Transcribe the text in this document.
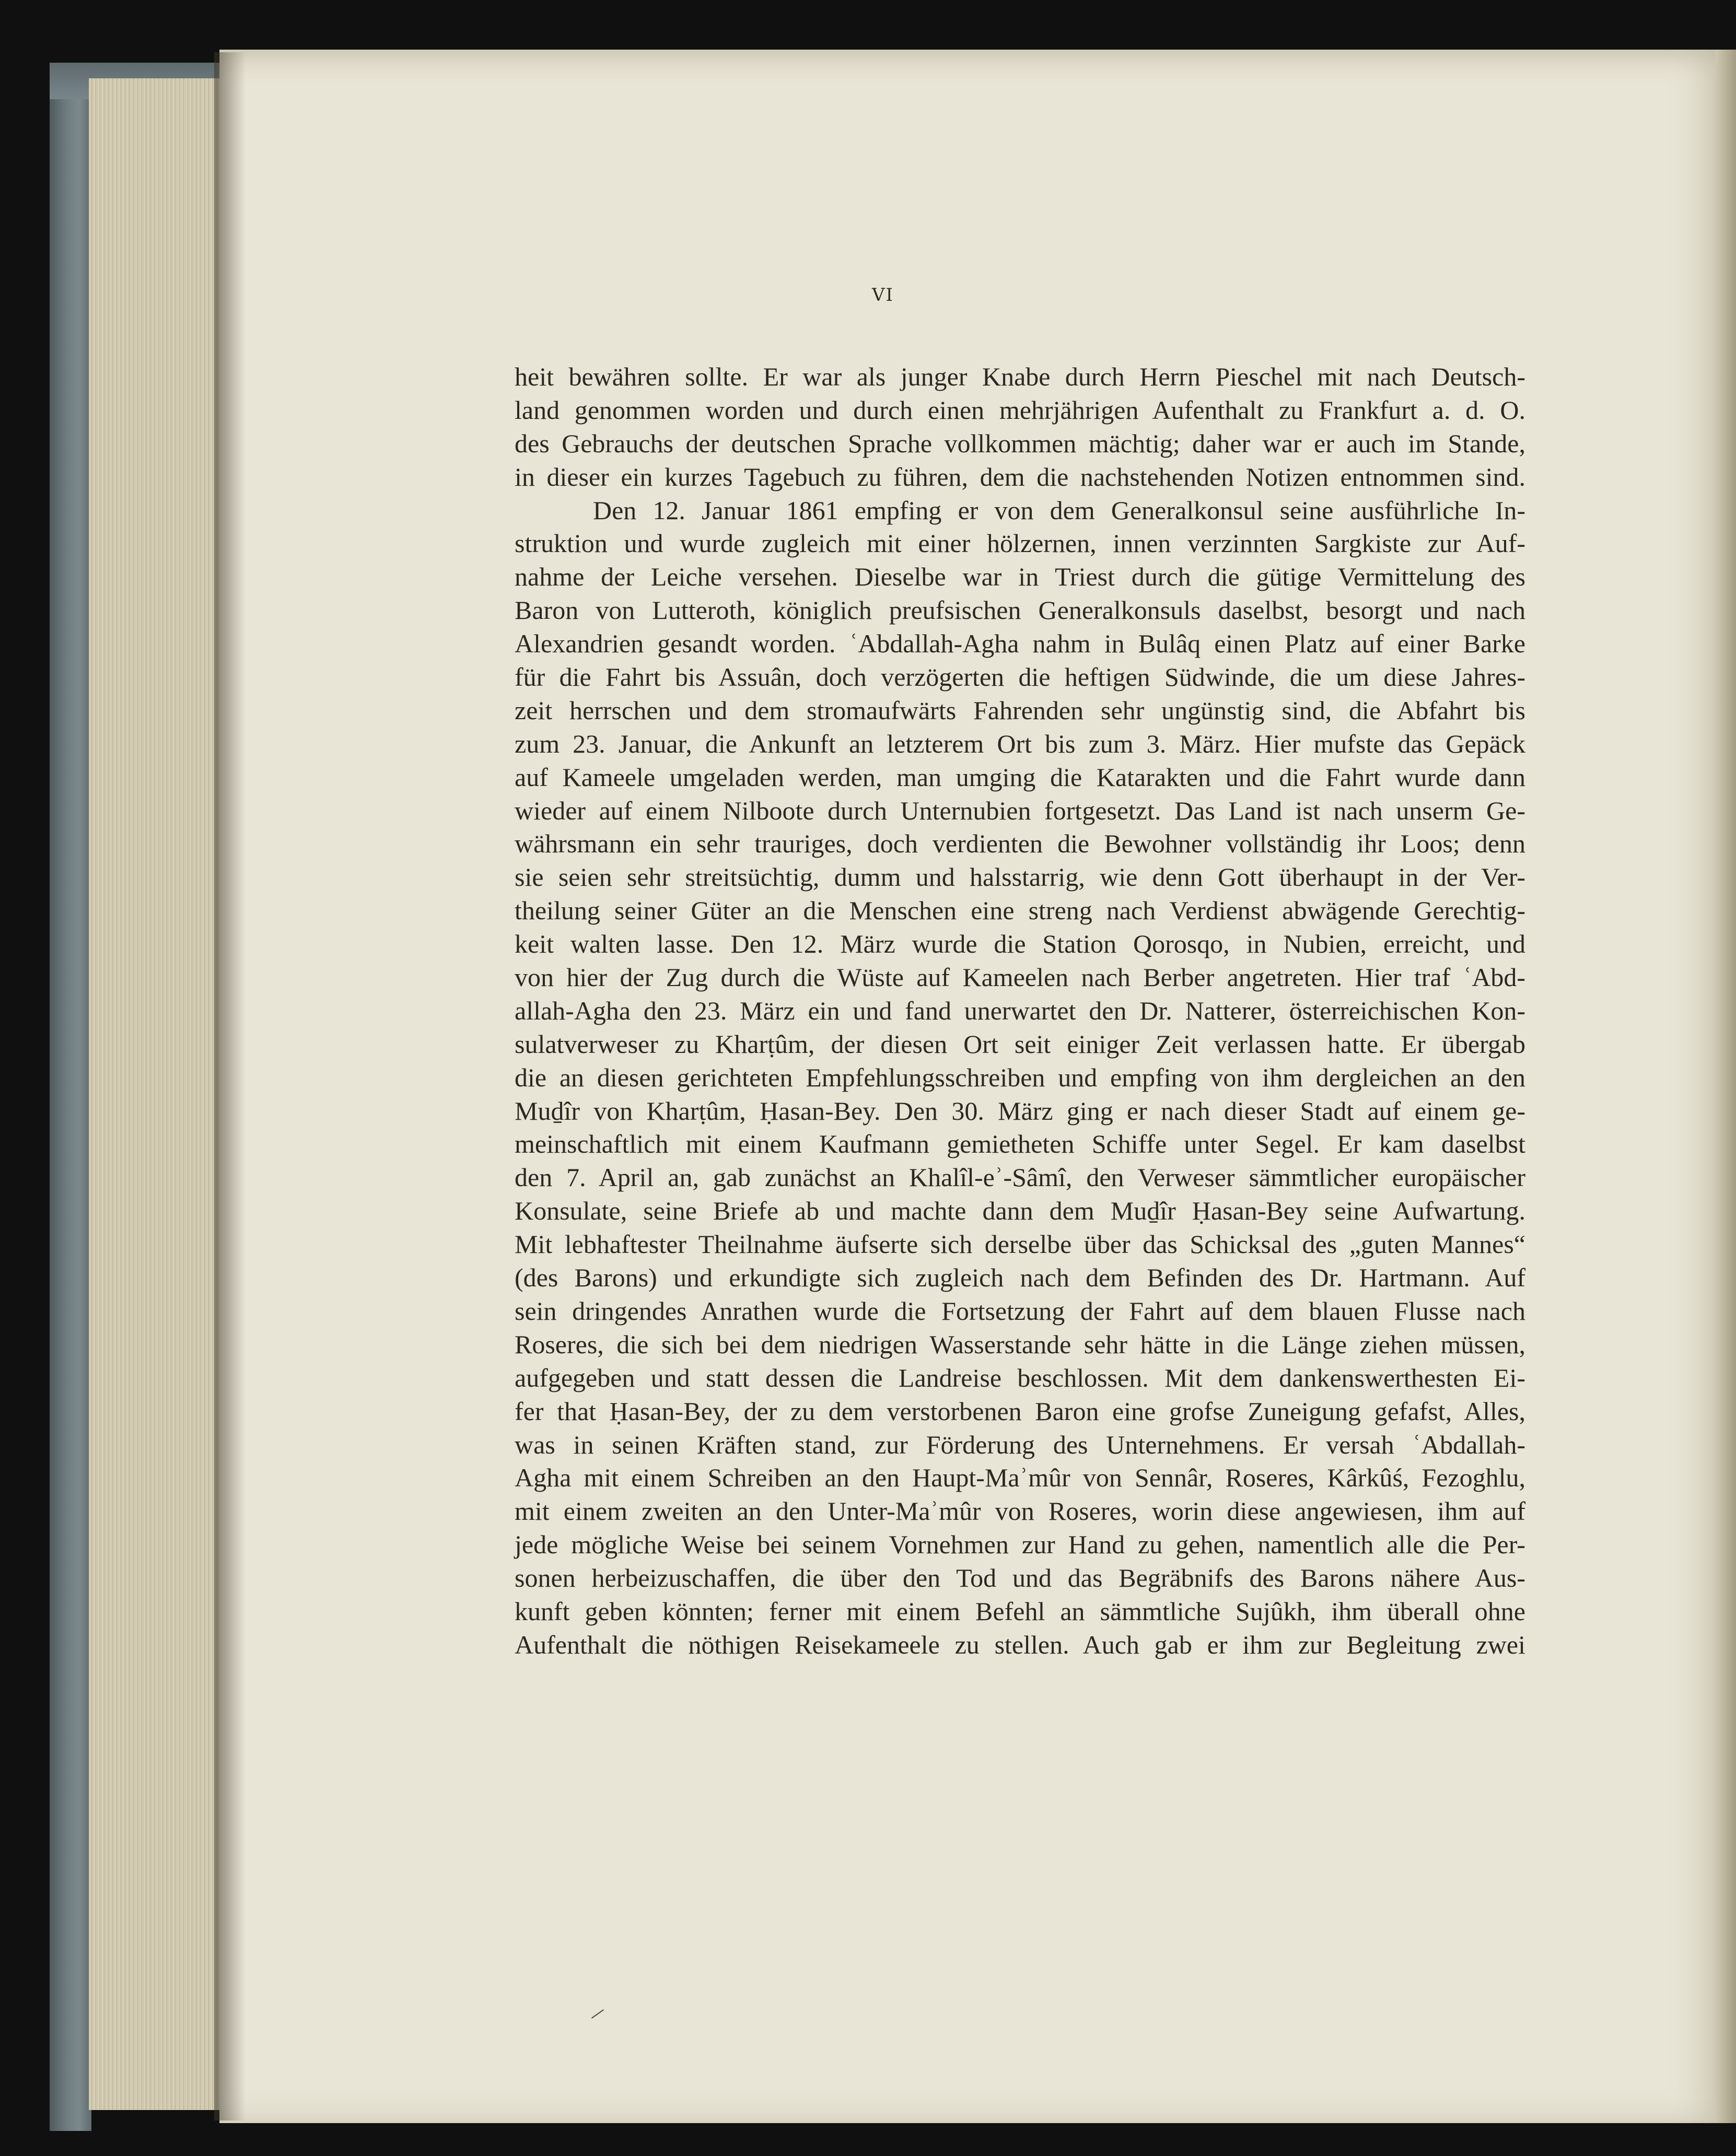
VI
heit bewähren sollte. Er war als junger Knabe durch Herrn Pieschel mit nach Deutsch-
land genommen worden und durch einen mehrjährigen Aufenthalt zu Frankfurt a. d. O.
des Gebrauchs der deutschen Sprache vollkommen mächtig; daher war er auch im Stande,
in dieser ein kurzes Tagebuch zu führen, dem die nachstehenden Notizen entnommen sind.
Den 12. Januar 1861 empfing er von dem Generalkonsul seine ausführliche In-
struktion und wurde zugleich mit einer hölzernen, innen verzinnten Sargkiste zur Auf-
nahme der Leiche versehen. Dieselbe war in Triest durch die gütige Vermittelung des
Baron von Lutteroth, königlich preufsischen Generalkonsuls daselbst, besorgt und nach
Alexandrien gesandt worden. ʿAbdallah-Agha nahm in Bulâq einen Platz auf einer Barke
für die Fahrt bis Assuân, doch verzögerten die heftigen Südwinde, die um diese Jahres-
zeit herrschen und dem stromaufwärts Fahrenden sehr ungünstig sind, die Abfahrt bis
zum 23. Januar, die Ankunft an letzterem Ort bis zum 3. März. Hier mufste das Gepäck
auf Kameele umgeladen werden, man umging die Katarakten und die Fahrt wurde dann
wieder auf einem Nilboote durch Unternubien fortgesetzt. Das Land ist nach unserm Ge-
währsmann ein sehr trauriges, doch verdienten die Bewohner vollständig ihr Loos; denn
sie seien sehr streitsüchtig, dumm und halsstarrig, wie denn Gott überhaupt in der Ver-
theilung seiner Güter an die Menschen eine streng nach Verdienst abwägende Gerechtig-
keit walten lasse. Den 12. März wurde die Station Qorosqo, in Nubien, erreicht, und
von hier der Zug durch die Wüste auf Kameelen nach Berber angetreten. Hier traf ʿAbd-
allah-Agha den 23. März ein und fand unerwartet den Dr. Natterer, österreichischen Kon-
sulatverweser zu Kharṭûm, der diesen Ort seit einiger Zeit verlassen hatte. Er übergab
die an diesen gerichteten Empfehlungsschreiben und empfing von ihm dergleichen an den
Muḏîr von Kharṭûm, Ḥasan-Bey. Den 30. März ging er nach dieser Stadt auf einem ge-
meinschaftlich mit einem Kaufmann gemietheten Schiffe unter Segel. Er kam daselbst
den 7. April an, gab zunächst an Khalîl-eʾ-Sâmî, den Verweser sämmtlicher europäischer
Konsulate, seine Briefe ab und machte dann dem Muḏîr Ḥasan-Bey seine Aufwartung.
Mit lebhaftester Theilnahme äufserte sich derselbe über das Schicksal des „guten Mannes“
(des Barons) und erkundigte sich zugleich nach dem Befinden des Dr. Hartmann. Auf
sein dringendes Anrathen wurde die Fortsetzung der Fahrt auf dem blauen Flusse nach
Roseres, die sich bei dem niedrigen Wasserstande sehr hätte in die Länge ziehen müssen,
aufgegeben und statt dessen die Landreise beschlossen. Mit dem dankenswerthesten Ei-
fer that Ḥasan-Bey, der zu dem verstorbenen Baron eine grofse Zuneigung gefafst, Alles,
was in seinen Kräften stand, zur Förderung des Unternehmens. Er versah ʿAbdallah-
Agha mit einem Schreiben an den Haupt-Maʾmûr von Sennâr, Roseres, Kârkûś, Fezoghlu,
mit einem zweiten an den Unter-Maʾmûr von Roseres, worin diese angewiesen, ihm auf
jede mögliche Weise bei seinem Vornehmen zur Hand zu gehen, namentlich alle die Per-
sonen herbeizuschaffen, die über den Tod und das Begräbnifs des Barons nähere Aus-
kunft geben könnten; ferner mit einem Befehl an sämmtliche Sujûkh, ihm überall ohne
Aufenthalt die nöthigen Reisekameele zu stellen. Auch gab er ihm zur Begleitung zwei
